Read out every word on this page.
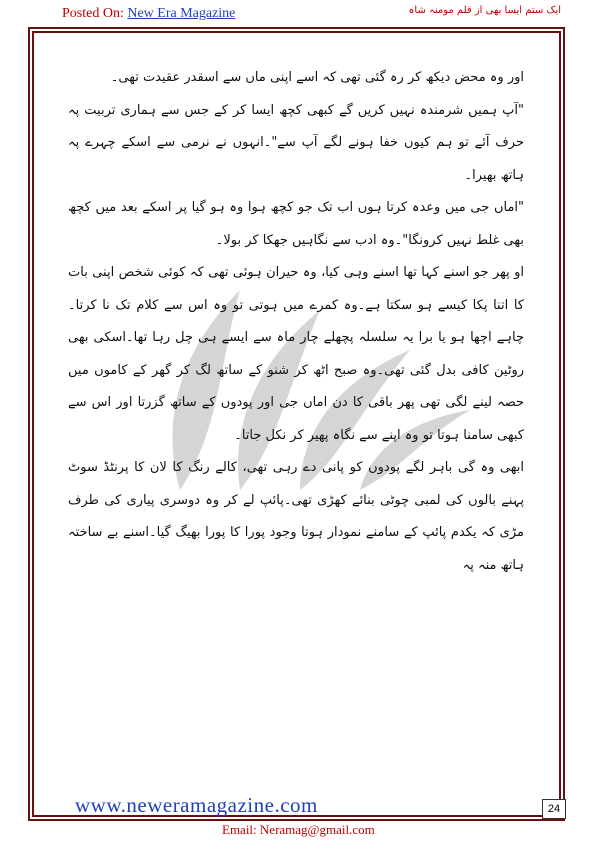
Posted On: New Era Magazine	ایک ستم ایسا بھی از قلم مومنہ شاہ

اور وہ محض دیکھ کر رہ گئی تھی کہ اسے اپنی ماں سے اسقدر عقیدت تھی۔

"آپ ہمیں شرمندہ نہیں کریں گے کبھی کچھ ایسا کر کے جس سے ہماری تربیت پہ حرف آئے تو ہم کیوں خفا ہونے لگے آپ سے"۔انہوں نے نرمی سے اسکے چہرے پہ ہاتھ بھیرا۔

"اماں جی میں وعدہ کرتا ہوں اب تک جو کچھ ہوا وہ ہو گیا پر اسکے بعد میں کچھ بھی غلط نہیں کرونگا"۔وہ ادب سے نگاہیں جھکا کر بولا۔

او پھر جو اسنے کہا تھا اسنے وہی کیا، وہ حیران ہوئی تھی کہ کوئی شخص اپنی بات کا اتنا پکا کیسے ہو سکتا ہے۔وہ کمرے میں ہوتی تو وہ اس سے کلام تک نا کرتا۔چاہے اچھا ہو یا برا یہ سلسلہ پچھلے چار ماہ سے ایسے ہی چل رہا تھا۔اسکی بھی روٹین کافی بدل گئی تھی۔وہ صبح اٹھ کر شنو کے ساتھ لگ کر گھر کے کاموں میں حصہ لینے لگی تھی پھر باقی کا دن اماں جی اور پودوں کے ساتھ گزرتا اور اس سے کبھی سامنا ہوتا تو وہ اپنے سے نگاہ پھیر کر نکل جاتا۔

ابھی وہ گی باہر لگے پودوں کو پانی دے رہی تھی، کالے رنگ کا لان کا پرنٹڈ سوٹ پہنے بالوں کی لمبی چوٹی بنائے کھڑی تھی۔پائپ لے کر وہ دوسری پیاری کی طرف مڑی کہ یکدم پائپ کے سامنے نمودار ہوتا وجود پورا کا پورا بھیگ گیا۔اسنے بے ساختہ ہاتھ منہ پہ

www.neweramagazine.com	24
Email: Neramag@gmail.com
